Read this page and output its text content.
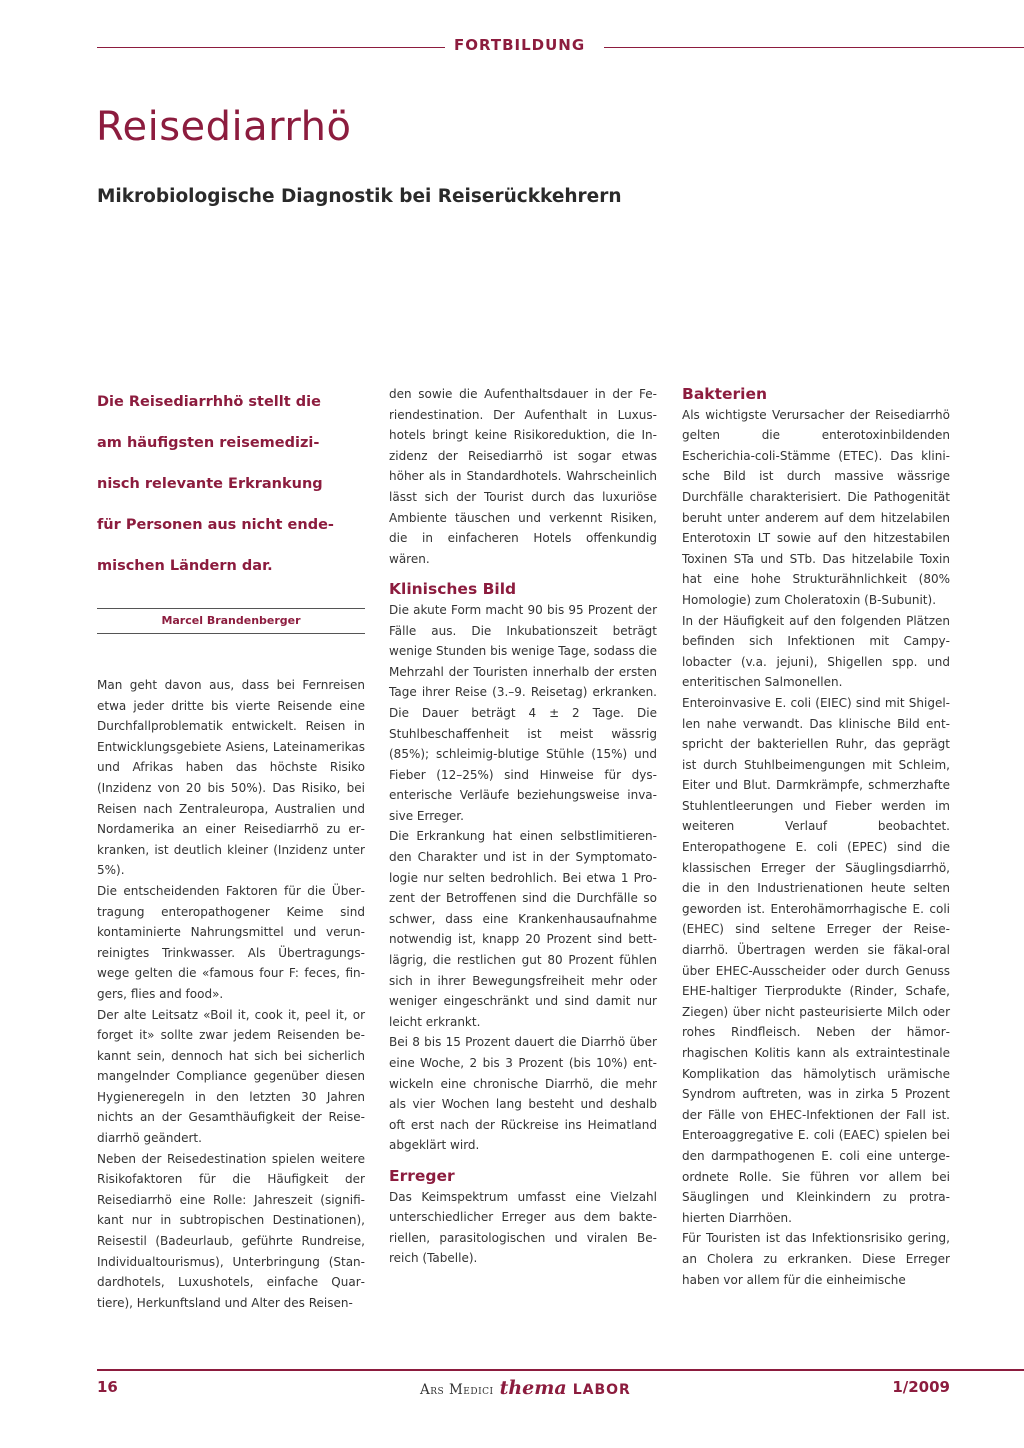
FORTBILDUNG
Reisediarrhö
Mikrobiologische Diagnostik bei Reiserückkehrern
Die Reisediarrhhö stellt die
am häufigsten reisemedizi-
nisch relevante Erkrankung
für Personen aus nicht ende-
mischen Ländern dar.
Marcel Brandenberger

Man geht davon aus, dass bei Fernreisen etwa jeder dritte bis vierte Reisende eine Durchfallproblematik entwickelt. Reisen in Entwicklungsgebiete Asiens, Lateinamerikas und Afrikas haben das höchste Risiko (Inzidenz von 20 bis 50%). Das Risiko, bei Reisen nach Zentraleuropa, Australien und Nordamerika an einer Reisediarrhö zu erkranken, ist deutlich kleiner (Inzidenz unter 5%).

Die entscheidenden Faktoren für die Übertragung enteropathogener Keime sind kontaminierte Nahrungsmittel und verunreinigtes Trinkwasser. Als Übertragungswege gelten die «famous four F: feces, fingers, flies and food».

Der alte Leitsatz «Boil it, cook it, peel it, or forget it» sollte zwar jedem Reisenden bekannt sein, dennoch hat sich bei sicherlich mangelnder Compliance gegenüber diesen Hygieneregeln in den letzten 30 Jahren nichts an der Gesamthäufigkeit der Reisediarrhö geändert.

Neben der Reisedestination spielen weitere Risikofaktoren für die Häufigkeit der Reisediarrhö eine Rolle: Jahreszeit (signifikant nur in subtropischen Destinationen), Reisestil (Badeurlaub, geführte Rundreise, Individualtourismus), Unterbringung (Standardhotels, Luxushotels, einfache Quartiere), Herkunftsland und Alter des Reisen-

den sowie die Aufenthaltsdauer in der Feriendestination. Der Aufenthalt in Luxushotels bringt keine Risikoreduktion, die Inzidenz der Reisediarrhö ist sogar etwas höher als in Standardhotels. Wahrscheinlich lässt sich der Tourist durch das luxuriöse Ambiente täuschen und verkennt Risiken, die in einfacheren Hotels offenkundig wären.

Klinisches Bild

Die akute Form macht 90 bis 95 Prozent der Fälle aus. Die Inkubationszeit beträgt wenige Stunden bis wenige Tage, sodass die Mehrzahl der Touristen innerhalb der ersten Tage ihrer Reise (3.–9. Reisetag) erkranken. Die Dauer beträgt 4 ± 2 Tage. Die Stuhlbeschaffenheit ist meist wässrig (85%); schleimig-blutige Stühle (15%) und Fieber (12–25%) sind Hinweise für dysenterische Verläufe beziehungsweise invasive Erreger.

Die Erkrankung hat einen selbstlimitierenden Charakter und ist in der Symptomatologie nur selten bedrohlich. Bei etwa 1 Prozent der Betroffenen sind die Durchfälle so schwer, dass eine Krankenhausaufnahme notwendig ist, knapp 20 Prozent sind bettlägrig, die restlichen gut 80 Prozent fühlen sich in ihrer Bewegungsfreiheit mehr oder weniger eingeschränkt und sind damit nur leicht erkrankt.

Bei 8 bis 15 Prozent dauert die Diarrhö über eine Woche, 2 bis 3 Prozent (bis 10%) entwickeln eine chronische Diarrhö, die mehr als vier Wochen lang besteht und deshalb oft erst nach der Rückreise ins Heimatland abgeklärt wird.

Erreger

Das Keimspektrum umfasst eine Vielzahl unterschiedlicher Erreger aus dem bakteriellen, parasitologischen und viralen Bereich (Tabelle).

Bakterien

Als wichtigste Verursacher der Reisediarrhö gelten die enterotoxinbildenden Escherichia-coli-Stämme (ETEC). Das klinische Bild ist durch massive wässrige Durchfälle charakterisiert. Die Pathogenität beruht unter anderem auf dem hitzelabilen Enterotoxin LT sowie auf den hitzestabilen Toxinen STa und STb. Das hitzelabile Toxin hat eine hohe Strukturähnlichkeit (80% Homologie) zum Choleratoxin (B-Subunit).

In der Häufigkeit auf den folgenden Plätzen befinden sich Infektionen mit Campylobacter (v.a. jejuni), Shigellen spp. und enteritischen Salmonellen.

Enteroinvasive E. coli (EIEC) sind mit Shigellen nahe verwandt. Das klinische Bild entspricht der bakteriellen Ruhr, das geprägt ist durch Stuhlbeimengungen mit Schleim, Eiter und Blut. Darmkrämpfe, schmerzhafte Stuhlentleerungen und Fieber werden im weiteren Verlauf beobachtet. Enteropathogene E. coli (EPEC) sind die klassischen Erreger der Säuglingsdiarrhö, die in den Industrienationen heute selten geworden ist. Enterohämorrhagische E. coli (EHEC) sind seltene Erreger der Reisediarrhö. Übertragen werden sie fäkal-oral über EHEC-Ausscheider oder durch Genuss EHE-haltiger Tierprodukte (Rinder, Schafe, Ziegen) über nicht pasteurisierte Milch oder rohes Rindfleisch. Neben der hämorrhagischen Kolitis kann als extraintestinale Komplikation das hämolytisch urämische Syndrom auftreten, was in zirka 5 Prozent der Fälle von EHEC-Infektionen der Fall ist. Enteroaggregative E. coli (EAEC) spielen bei den darmpathogenen E. coli eine untergeordnete Rolle. Sie führen vor allem bei Säuglingen und Kleinkindern zu protrahierten Diarrhöen.

Für Touristen ist das Infektionsrisiko gering, an Cholera zu erkranken. Diese Erreger haben vor allem für die einheimische

16	Ars Medici thema LABOR	1/2009
